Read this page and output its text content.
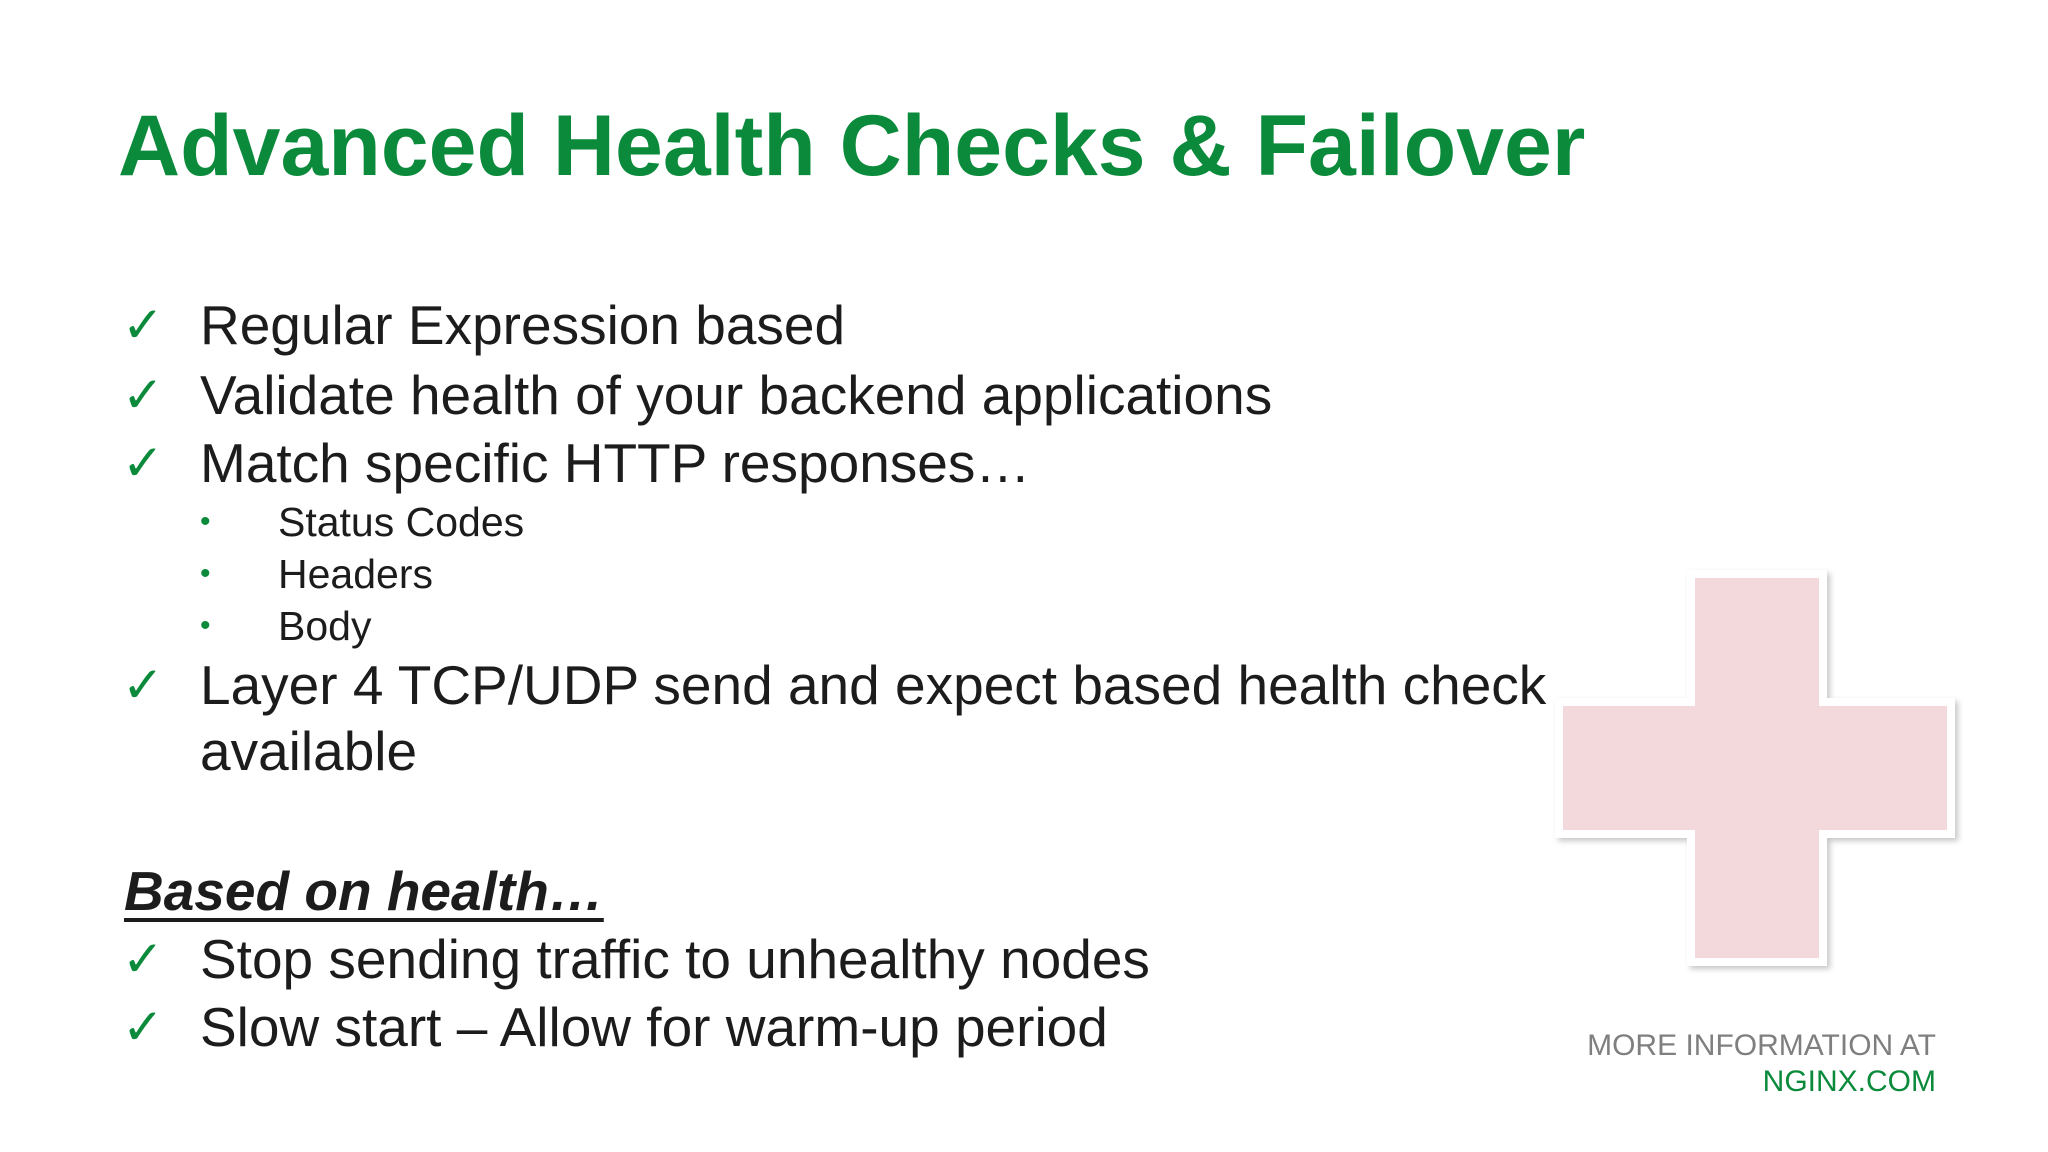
Advanced Health Checks & Failover
✓ Regular Expression based
✓ Validate health of your backend applications
✓ Match specific HTTP responses…
• Status Codes
• Headers
• Body
✓ Layer 4 TCP/UDP send and expect based health check available
Based on health…
✓ Stop sending traffic to unhealthy nodes
✓ Slow start – Allow for warm-up period	MORE INFORMATION AT
NGINX.COM
